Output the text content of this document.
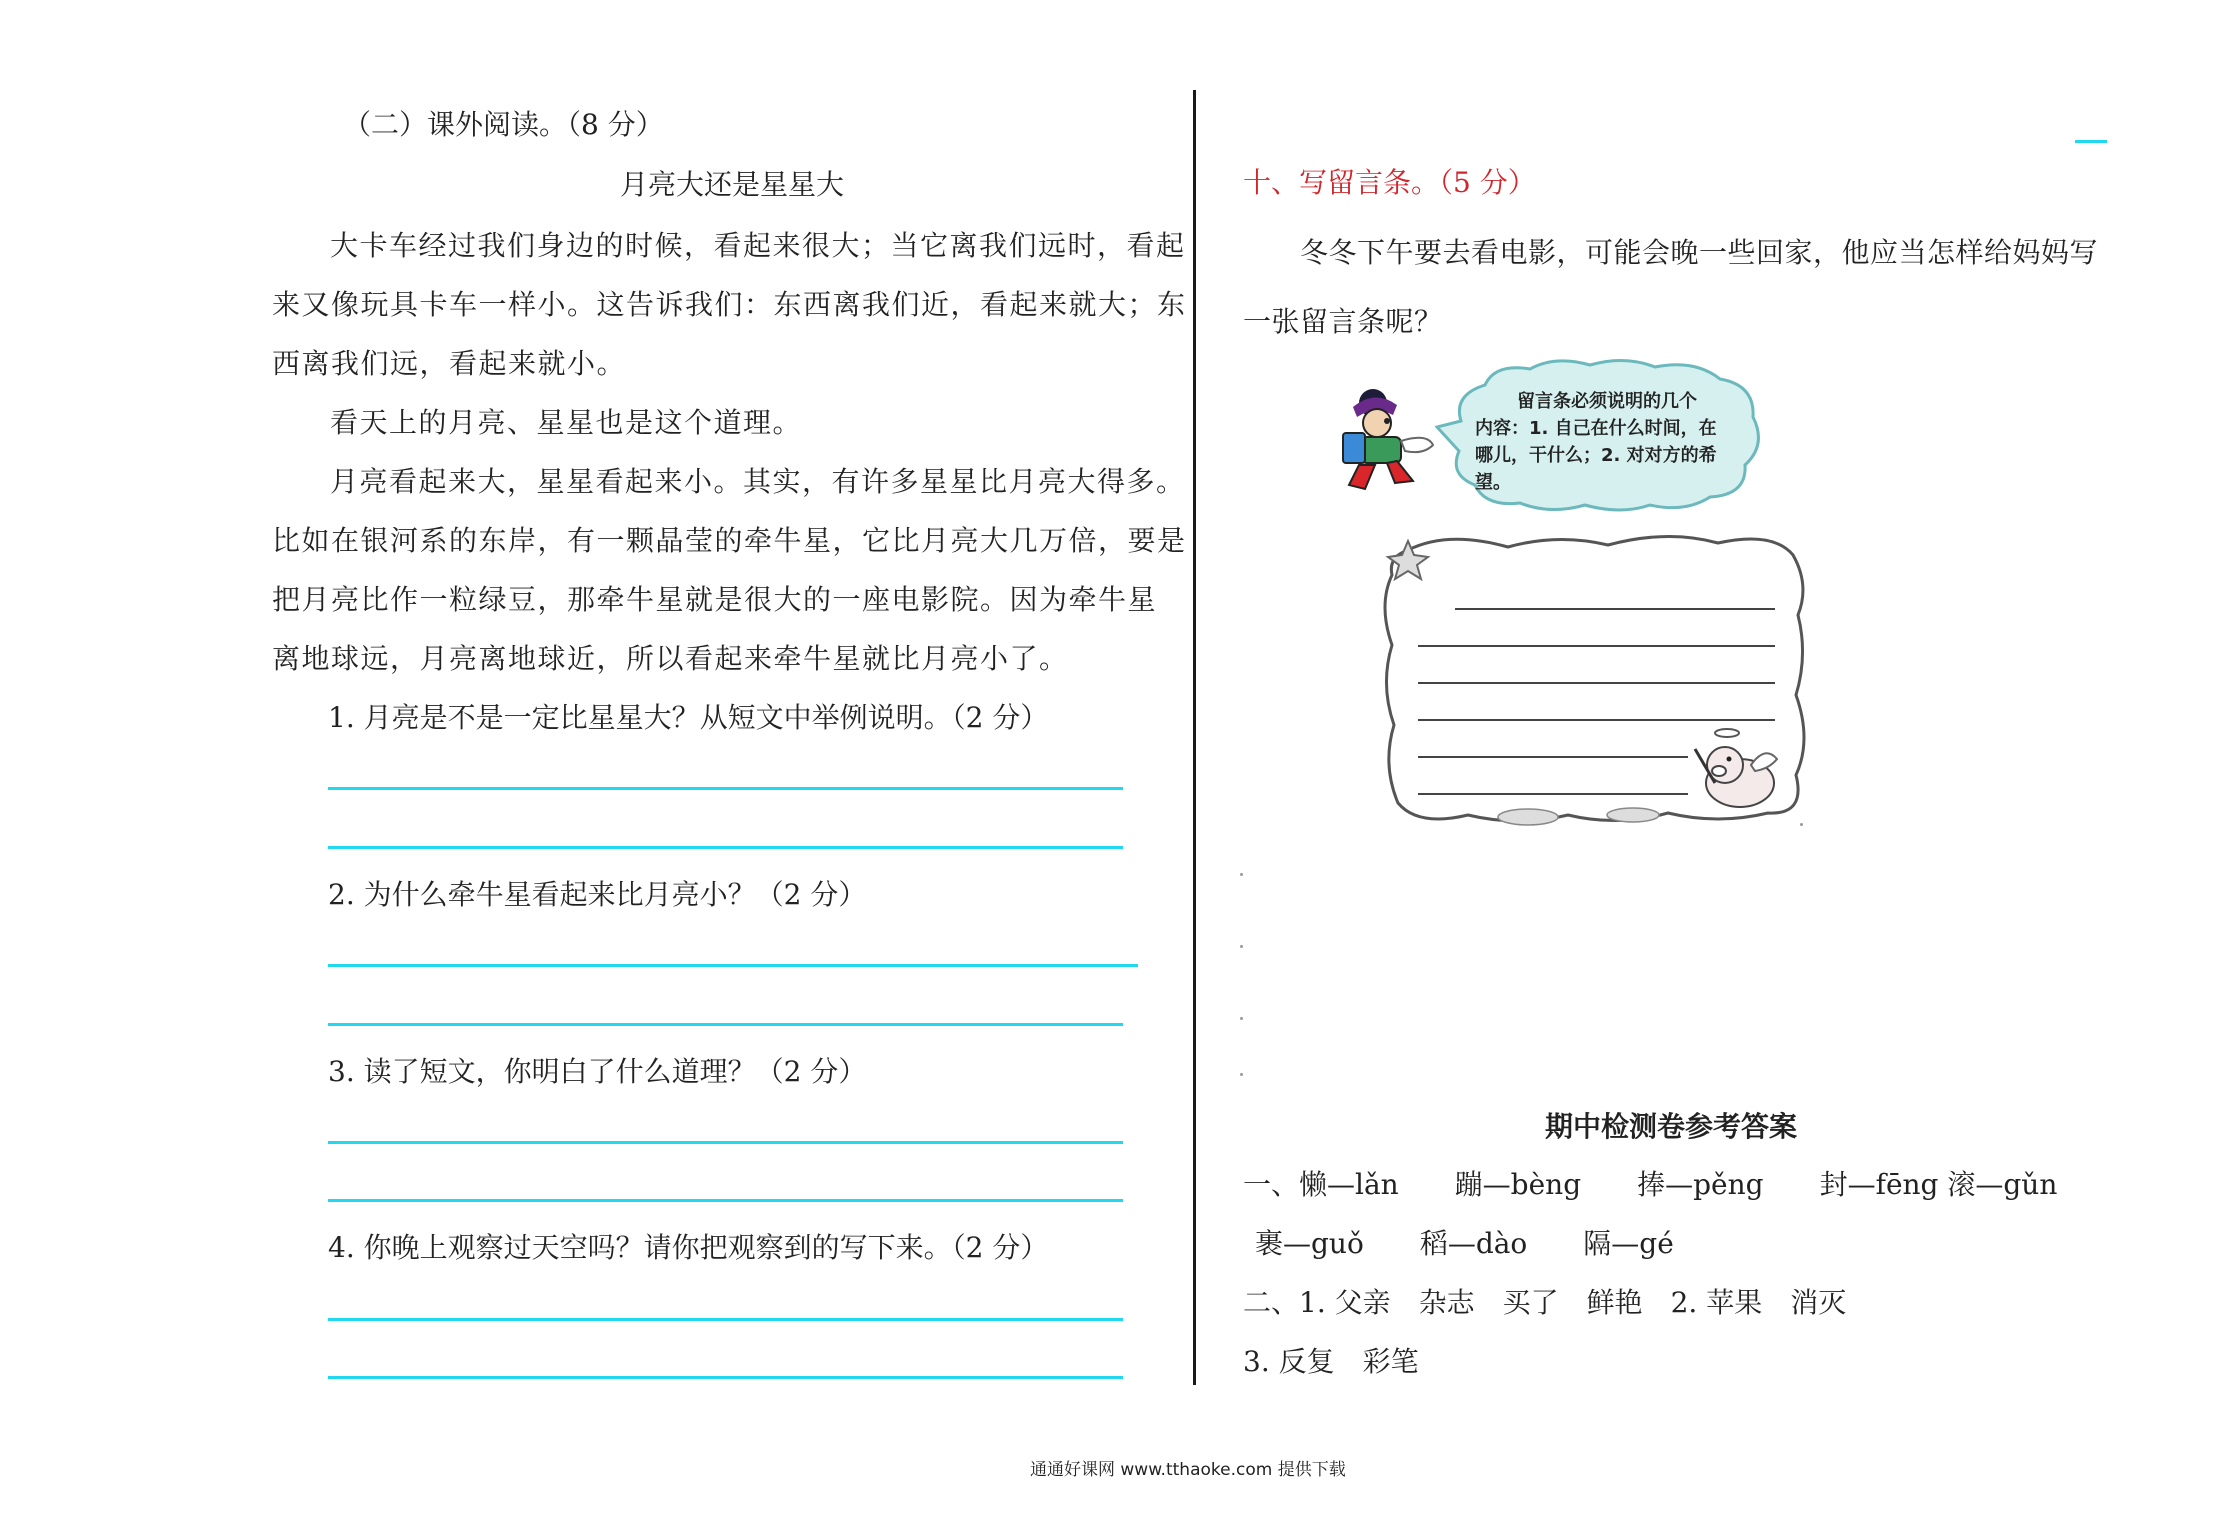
（二）课外阅读。（8 分）
月亮大还是星星大
大卡车经过我们身边的时候，看起来很大；当它离我们远时，看起
来又像玩具卡车一样小。这告诉我们：东西离我们近，看起来就大；东
西离我们远，看起来就小。
看天上的月亮、星星也是这个道理。
月亮看起来大，星星看起来小。其实，有许多星星比月亮大得多。
比如在银河系的东岸，有一颗晶莹的牵牛星，它比月亮大几万倍，要是
把月亮比作一粒绿豆，那牵牛星就是很大的一座电影院。因为牵牛星
离地球远，月亮离地球近，所以看起来牵牛星就比月亮小了。
1. 月亮是不是一定比星星大？从短文中举例说明。（2 分）
2. 为什么牵牛星看起来比月亮小？（2 分）
3. 读了短文，你明白了什么道理？（2 分）
4. 你晚上观察过天空吗？请你把观察到的写下来。（2 分）
十、写留言条。（5 分）
冬冬下午要去看电影，可能会晚一些回家，他应当怎样给妈妈写
一张留言条呢？
留言条必须说明的几个
内容：1. 自己在什么时间，在
哪儿，干什么；2. 对对方的希
望。
期中检测卷参考答案
一、懒—lǎn　　蹦—bèng　　捧—pěng　　封—fēng 滚—gǔn
裹—guǒ　　稻—dào　　隔—gé
二、1. 父亲　杂志　买了　鲜艳　2. 苹果　消灭
3. 反复　彩笔
通通好课网 www.tthaoke.com 提供下载
